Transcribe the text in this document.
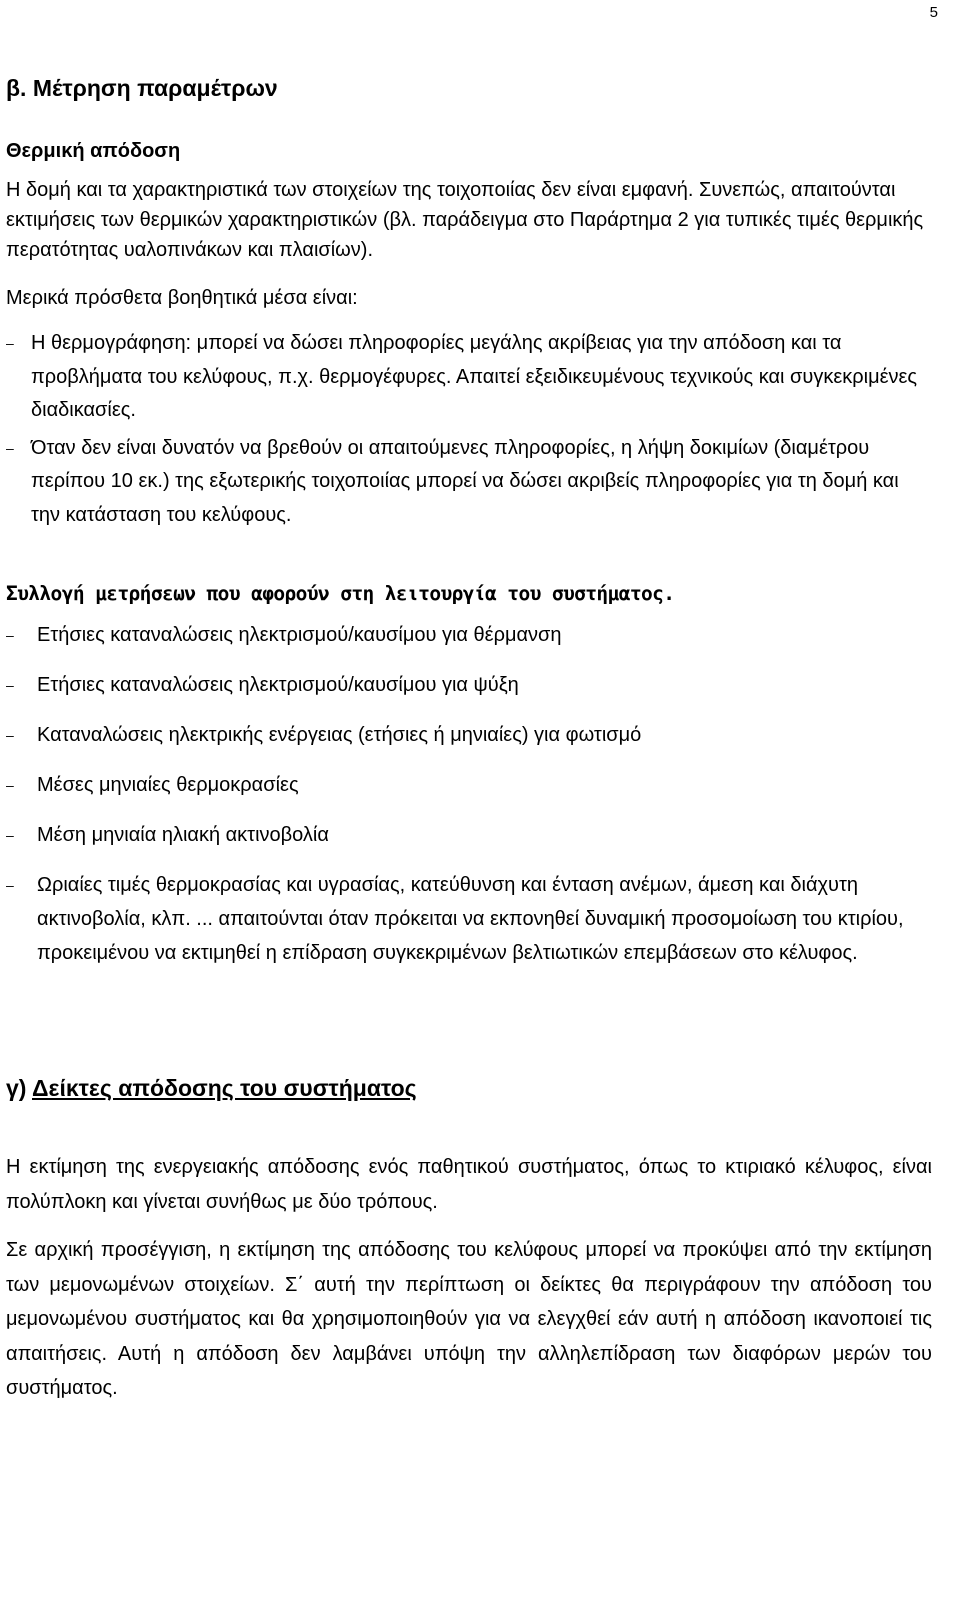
5
β. Μέτρηση παραμέτρων
Θερμική απόδοση

Η δομή και τα χαρακτηριστικά των στοιχείων της τοιχοποιίας δεν είναι εμφανή. Συνεπώς, απαιτούνται εκτιμήσεις των θερμικών χαρακτηριστικών (βλ. παράδειγμα στο Παράρτημα 2 για τυπικές τιμές θερμικής περατότητας υαλοπινάκων και πλαισίων).

Μερικά πρόσθετα βοηθητικά μέσα είναι:

– Η θερμογράφηση: μπορεί να δώσει πληροφορίες μεγάλης ακρίβειας για την απόδοση και τα προβλήματα του κελύφους, π.χ. θερμογέφυρες. Απαιτεί εξειδικευμένους τεχνικούς και συγκεκριμένες διαδικασίες.
– Όταν δεν είναι δυνατόν να βρεθούν οι απαιτούμενες πληροφορίες, η λήψη δοκιμίων (διαμέτρου περίπου 10 εκ.) της εξωτερικής τοιχοποιίας μπορεί να δώσει ακριβείς πληροφορίες για τη δομή και την κατάσταση του κελύφους.
Συλλογή μετρήσεων που αφορούν στη λειτουργία του συστήματος.
– Ετήσιες καταναλώσεις ηλεκτρισμού/καυσίμου για θέρμανση
– Ετήσιες καταναλώσεις ηλεκτρισμού/καυσίμου για ψύξη
– Καταναλώσεις ηλεκτρικής ενέργειας (ετήσιες ή μηνιαίες) για φωτισμό
– Μέσες μηνιαίες θερμοκρασίες
– Μέση μηνιαία ηλιακή ακτινοβολία
– Ωριαίες τιμές θερμοκρασίας και υγρασίας, κατεύθυνση και ένταση ανέμων, άμεση και διάχυτη ακτινοβολία, κλπ. ... απαιτούνται όταν πρόκειται να εκπονηθεί δυναμική προσομοίωση του κτιρίου, προκειμένου να εκτιμηθεί η επίδραση συγκεκριμένων βελτιωτικών επεμβάσεων στο κέλυφος.
γ) Δείκτες απόδοσης του συστήματος

Η εκτίμηση της ενεργειακής απόδοσης ενός παθητικού συστήματος, όπως το κτιριακό κέλυφος, είναι πολύπλοκη και γίνεται συνήθως με δύο τρόπους.

Σε αρχική προσέγγιση, η εκτίμηση της απόδοσης του κελύφους μπορεί να προκύψει από την εκτίμηση των μεμονωμένων στοιχείων. Σ΄ αυτή την περίπτωση οι δείκτες θα περιγράφουν την απόδοση του μεμονωμένου συστήματος και θα χρησιμοποιηθούν για να ελεγχθεί εάν αυτή η απόδοση ικανοποιεί τις απαιτήσεις. Αυτή η απόδοση δεν λαμβάνει υπόψη την αλληλεπίδραση των διαφόρων μερών του συστήματος.
